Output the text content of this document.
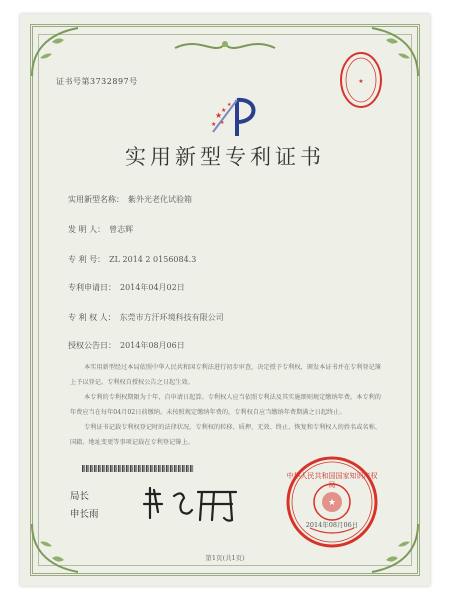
证书号第3732897号	★
★
★
★ ★
★
实用新型专利证书
实用新型名称： 紫外光老化试验箱
发 明 人： 曾志辉
专 利 号： ZL 2014 2 0156084.3
专利申请日： 2014年04月02日
专 利 权 人： 东莞市方汗环境科技有限公司
授权公告日： 2014年08月06日
本实用新型经过本局依照中华人民共和国专利法进行初步审查，决定授予专利权，颁发本证书并在专利登记簿上予以登记。专利权自授权公告之日起生效。
本专利的专利权期限为十年，自申请日起算。专利权人应当依照专利法及其实施细则规定缴纳年费。本专利的年费应当在每年04月02日前缴纳。未按照规定缴纳年费的，专利权自应当缴纳年费期满之日起终止。
专利证书记载专利权登记时的法律状况。专利权的转移、质押、无效、终止、恢复和专利权人的姓名或名称、国籍、地址变更等事项记载在专利登记簿上。
局长
申长雨
★
中华人民共和国国家知识产权局
2014年08月06日
第1页(共1页)
